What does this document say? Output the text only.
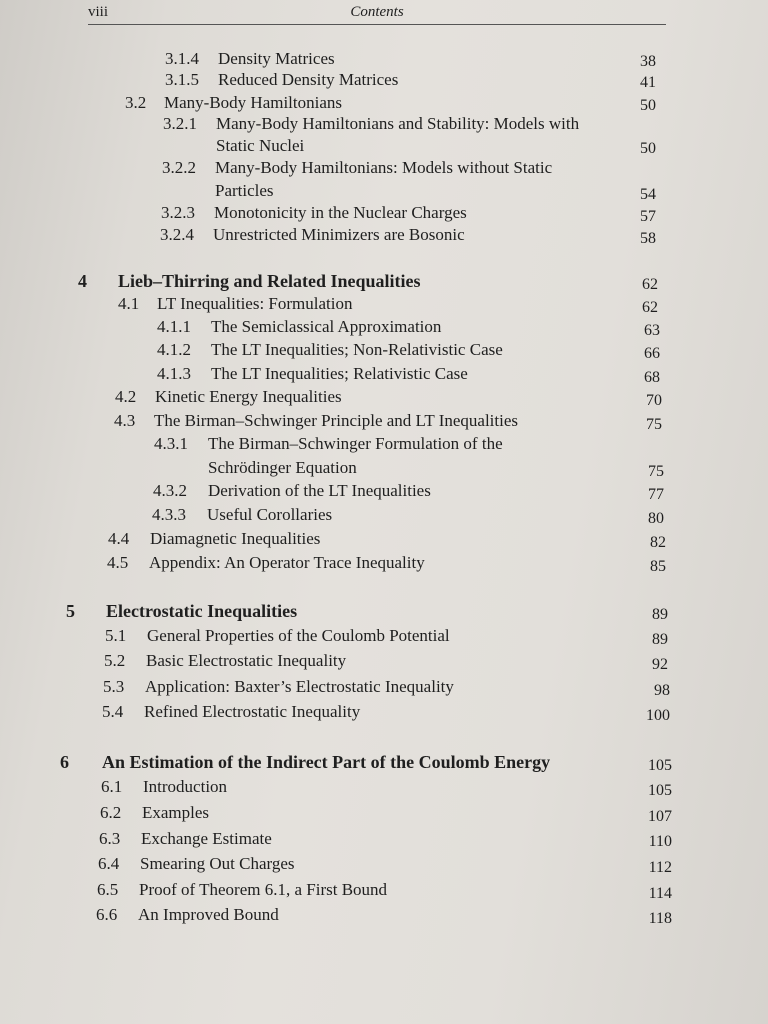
viii	Contents
3.1.4 Density Matrices	38
3.1.5 Reduced Density Matrices	41
3.2 Many-Body Hamiltonians	50
3.2.1 Many-Body Hamiltonians and Stability: Models with
Static Nuclei	50
3.2.2 Many-Body Hamiltonians: Models without Static
Particles	54
3.2.3 Monotonicity in the Nuclear Charges	57
3.2.4 Unrestricted Minimizers are Bosonic	58
4 Lieb–Thirring and Related Inequalities	62
4.1 LT Inequalities: Formulation	62
4.1.1 The Semiclassical Approximation	63
4.1.2 The LT Inequalities; Non-Relativistic Case	66
4.1.3 The LT Inequalities; Relativistic Case	68
4.2 Kinetic Energy Inequalities	70
4.3 The Birman–Schwinger Principle and LT Inequalities	75
4.3.1 The Birman–Schwinger Formulation of the
Schrödinger Equation	75
4.3.2 Derivation of the LT Inequalities	77
4.3.3 Useful Corollaries	80
4.4 Diamagnetic Inequalities	82
4.5 Appendix: An Operator Trace Inequality	85
5 Electrostatic Inequalities	89
5.1 General Properties of the Coulomb Potential	89
5.2 Basic Electrostatic Inequality	92
5.3 Application: Baxter’s Electrostatic Inequality	98
5.4 Refined Electrostatic Inequality	100
6 An Estimation of the Indirect Part of the Coulomb Energy	105
6.1 Introduction	105
6.2 Examples	107
6.3 Exchange Estimate	110
6.4 Smearing Out Charges	112
6.5 Proof of Theorem 6.1, a First Bound	114
6.6 An Improved Bound	118
